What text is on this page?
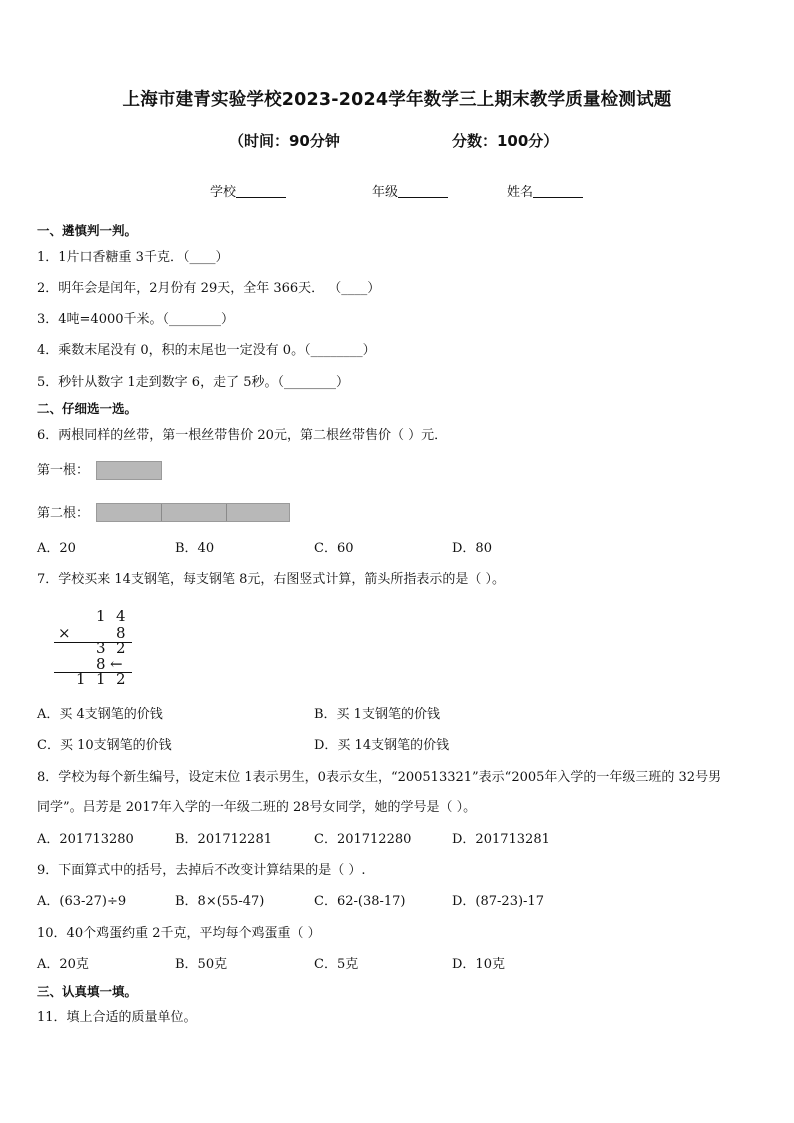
上海市建青实验学校2023-2024学年数学三上期末教学质量检测试题
（时间：90分钟	分数：100分）
学校	年级	姓名
一、遴慎判一判。
1．1片口香糖重 3千克．（____）
2．明年会是闰年，2月份有 29天，全年 366天． （____）
3．4吨=4000千米。（________）
4．乘数末尾没有 0，积的末尾也一定没有 0。（________）
5．秒针从数字 1走到数字 6，走了 5秒。（________）
二、仔细选一选。
6．两根同样的丝带，第一根丝带售价 20元，第二根丝带售价（ ）元．
第一根：
第二根：
A．20	B．40	C．60	D．80
7．学校买来 14支钢笔，每支钢笔 8元，右图竖式计算，箭头所指表示的是（ ）。
1 4
×	8
3 2
8 ←
1 1 2
A．买 4支钢笔的价钱	B．买 1支钢笔的价钱
C．买 10支钢笔的价钱	D．买 14支钢笔的价钱
8．学校为每个新生编号，设定末位 1表示男生，0表示女生，“200513321”表示“2005年入学的一年级三班的 32号男
同学”。吕芳是 2017年入学的一年级二班的 28号女同学，她的学号是（ ）。
A．201713280	B．201712281	C．201712280	D．201713281
9．下面算式中的括号，去掉后不改变计算结果的是（ ）.
A．(63-27)÷9	B．8×(55-47)	C．62-(38-17)	D．(87-23)-17
10．40个鸡蛋约重 2千克，平均每个鸡蛋重（ ）
A．20克	B．50克	C．5克	D．10克
三、认真填一填。
11．填上合适的质量单位。
